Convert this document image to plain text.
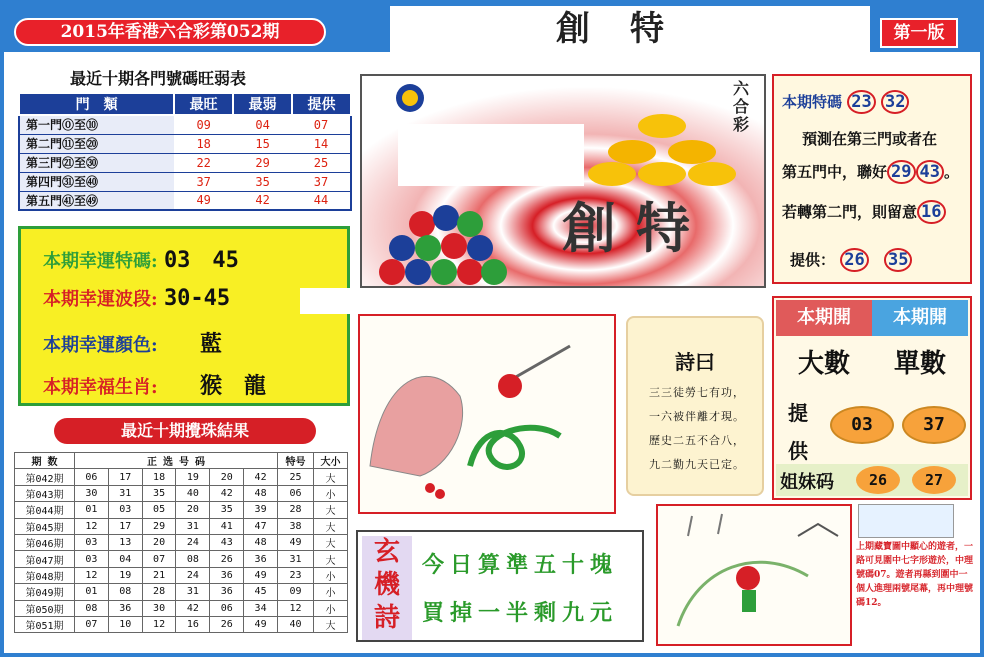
2015年香港六合彩第052期	創特	第一版
最近十期各門號碼旺弱表
門　類	最旺	最弱	提供
第一門⓪至⑩	09	04	07
第二門⑪至⑳	18	15	14
第三門㉑至㉚	22	29	25
第四門㉛至㊵	37	35	37
第五門㊶至㊾	49	42	44
本期幸運特碼: 03　45
本期幸運波段: 30-45
本期幸運顏色: 藍
本期幸福生肖: 猴　龍
最近十期攪珠結果
期 数	正 选 号 码						特号	大小
第042期	06	17	18	19	20	42	25	大
第043期	30	31	35	40	42	48	06	小
第044期	01	03	05	20	35	39	28	大
第045期	12	17	29	31	41	47	38	大
第046期	03	13	20	24	43	48	49	大
第047期	03	04	07	08	26	36	31	大
第048期	12	19	21	24	36	49	23	小
第049期	01	08	28	31	36	45	09	小
第050期	08	36	30	42	06	34	12	小
第051期	07	10	12	16	26	49	40	大
六合彩
創特
本期特碼 23 32
預測在第三門或者在
第五門中，聯好 29 43 。
若轉第二門，則留意 16
提供： 26 35
本期開	本期開
大數	單數
提供
03	37
姐妹码	26	27
詩曰
三三徒勞七有功，
一六被伴離才現。
歷史二五不合八，
九二勤九天已定。
上期藏寶圖中顯心的遊者，一路可見圍中七字形遊於，中理號碼07。遊者再縣到圍中一個人進理兩號尾幕，再中理號碼12。
玄機詩
今日算準五十塊
買掉一半剩九元
